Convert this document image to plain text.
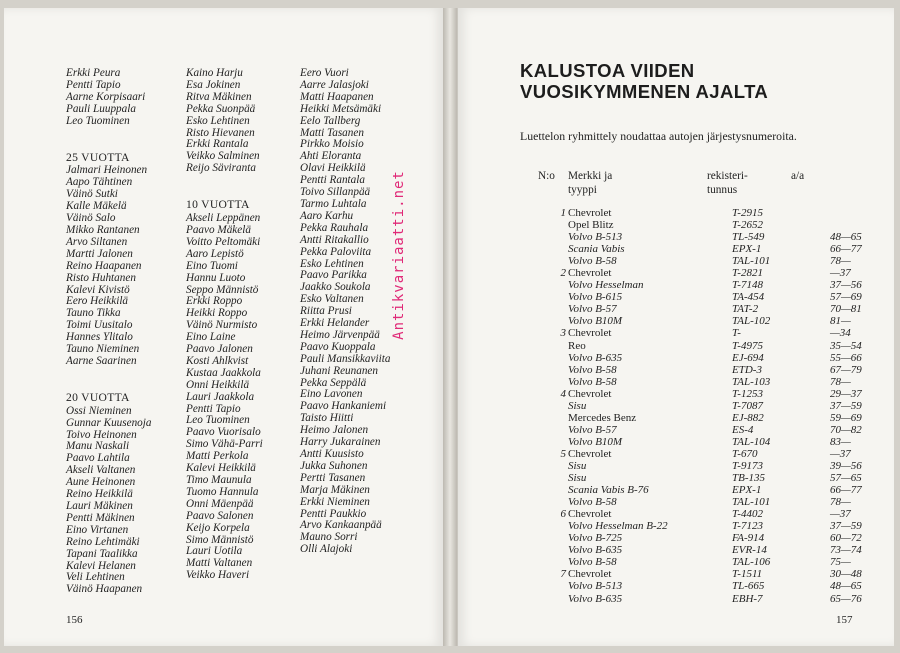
Erkki Peura
Pentti Tapio
Aarne Korpisaari
Pauli Luuppala
Leo Tuominen
25 VUOTTA
Jalmari Heinonen
Aapo Tähtinen
Väinö Sutki
Kalle Mäkelä
Väinö Salo
Mikko Rantanen
Arvo Siltanen
Martti Jalonen
Reino Haapanen
Risto Huhtanen
Kalevi Kivistö
Eero Heikkilä
Tauno Tikka
Toimi Uusitalo
Hannes Ylitalo
Tauno Nieminen
Aarne Saarinen
20 VUOTTA
Ossi Nieminen
Gunnar Kuusenoja
Toivo Heinonen
Manu Naskali
Paavo Lahtila
Akseli Valtanen
Aune Heinonen
Reino Heikkilä
Lauri Mäkinen
Pentti Mäkinen
Eino Virtanen
Reino Lehtimäki
Tapani Taalikka
Kalevi Helanen
Veli Lehtinen
Väinö Haapanen
Kaino Harju
Esa Jokinen
Ritva Mäkinen
Pekka Suonpää
Esko Lehtinen
Risto Hievanen
Erkki Rantala
Veikko Salminen
Reijo Säviranta
10 VUOTTA
Akseli Leppänen
Paavo Mäkelä
Voitto Peltomäki
Aaro Lepistö
Eino Tuomi
Hannu Luoto
Seppo Männistö
Erkki Roppo
Heikki Roppo
Väinö Nurmisto
Eino Laine
Paavo Jalonen
Kosti Ahlkvist
Kustaa Jaakkola
Onni Heikkilä
Lauri Jaakkola
Pentti Tapio
Leo Tuominen
Paavo Vuorisalo
Simo Vähä-Parri
Matti Perkola
Kalevi Heikkilä
Timo Maunula
Tuomo Hannula
Onni Mäenpää
Paavo Salonen
Keijo Korpela
Simo Männistö
Lauri Uotila
Matti Valtanen
Veikko Haveri
Eero Vuori
Aarre Jalasjoki
Matti Haapanen
Heikki Metsämäki
Eelo Tallberg
Matti Tasanen
Pirkko Moisio
Ahti Eloranta
Olavi Heikkilä
Pentti Rantala
Toivo Sillanpää
Tarmo Luhtala
Aaro Karhu
Pekka Rauhala
Antti Ritakallio
Pekka Paloviita
Esko Lehtinen
Paavo Parikka
Jaakko Soukola
Esko Valtanen
Riitta Prusi
Erkki Helander
Heimo Järvenpää
Paavo Kuoppala
Pauli Mansikkaviita
Juhani Reunanen
Pekka Seppälä
Eino Lavonen
Paavo Hankaniemi
Taisto Hiitti
Heimo Jalonen
Harry Jukarainen
Antti Kuusisto
Jukka Suhonen
Pertti Tasanen
Marja Mäkinen
Erkki Nieminen
Pentti Paukkio
Arvo Kankaanpää
Mauno Sorri
Olli Alajoki
156
Antikvariaatti.net
KALUSTOA VIIDEN
VUOSIKYMMENEN AJALTA
Luettelon ryhmittely noudattaa autojen järjestysnumeroita.
N:o Merkki ja
tyyppi
rekisteri-
tunnus
a/a
1 Chevrolet	T-2915
Opel Blitz	T-2652
Volvo B-513	TL-549	48—65
Scania Vabis	EPX-1	66—77
Volvo B-58	TAL-101	78—
2 Chevrolet	T-2821	—37
Volvo Hesselman	T-7148	37—56
Volvo B-615	TA-454	57—69
Volvo B-57	TAT-2	70—81
Volvo B10M	TAL-102	81—
3 Chevrolet	T-	—34
Reo	T-4975	35—54
Volvo B-635	EJ-694	55—66
Volvo B-58	ETD-3	67—79
Volvo B-58	TAL-103	78—
4 Chevrolet	T-1253	29—37
Sisu	T-7087	37—59
Mercedes Benz	EJ-882	59—69
Volvo B-57	ES-4	70—82
Volvo B10M	TAL-104	83—
5 Chevrolet	T-670	—37
Sisu	T-9173	39—56
Sisu	TB-135	57—65
Scania Vabis B-76	EPX-1	66—77
Volvo B-58	TAL-101	78—
6 Chevrolet	T-4402	—37
Volvo Hesselman B-22	T-7123	37—59
Volvo B-725	FA-914	60—72
Volvo B-635	EVR-14	73—74
Volvo B-58	TAL-106	75—
7 Chevrolet	T-1511	30—48
Volvo B-513	TL-665	48—65
Volvo B-635	EBH-7	65—76
157
